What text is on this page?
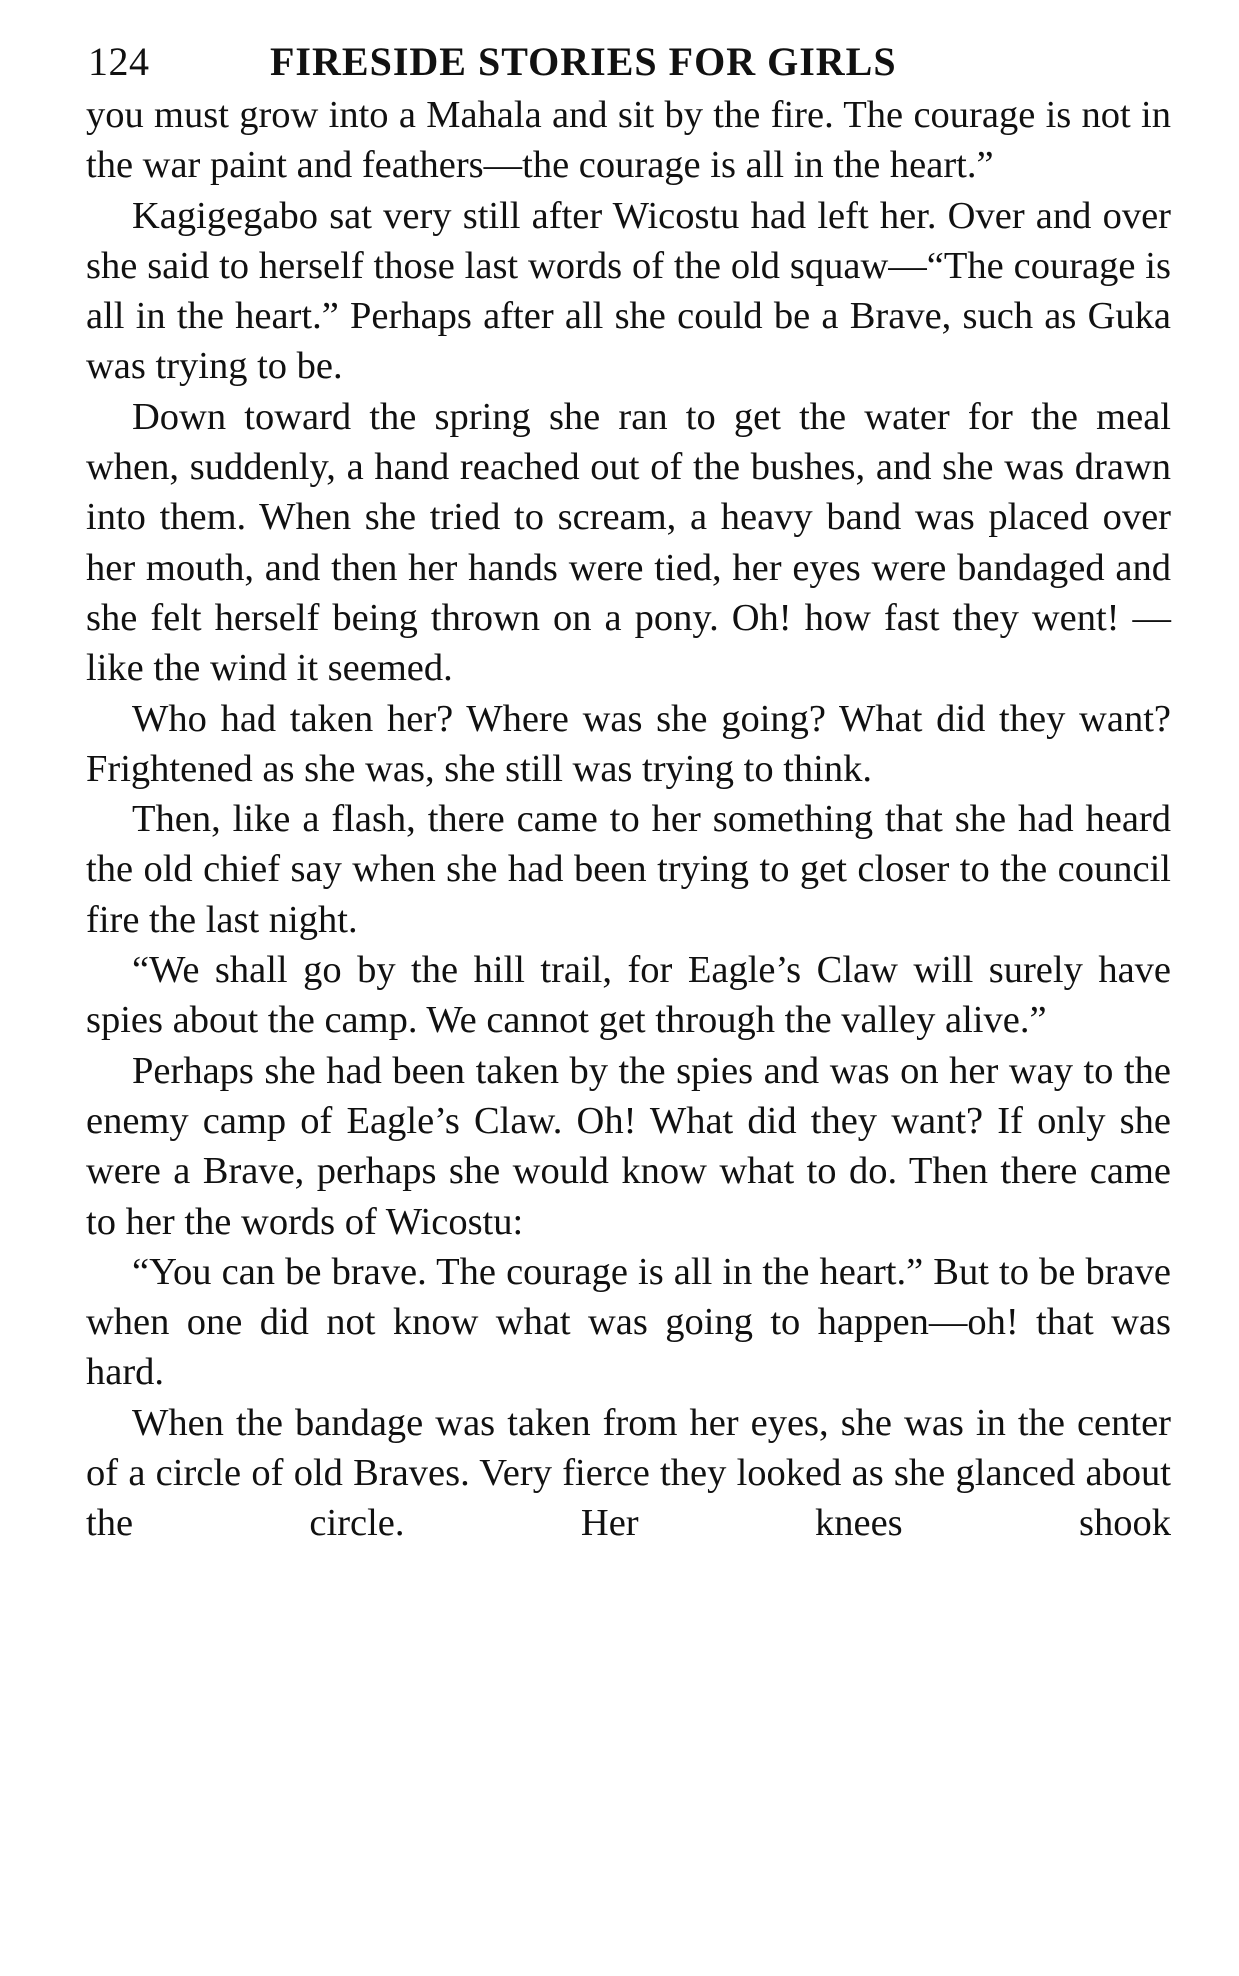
124	FIRESIDE STORIES FOR GIRLS

you must grow into a Mahala and sit by the fire. The courage is not in the war paint and feathers—the courage is all in the heart.”

Kagigegabo sat very still after Wicostu had left her. Over and over she said to herself those last words of the old squaw—“The courage is all in the heart.” Perhaps after all she could be a Brave, such as Guka was trying to be.

Down toward the spring she ran to get the water for the meal when, suddenly, a hand reached out of the bushes, and she was drawn into them. When she tried to scream, a heavy band was placed over her mouth, and then her hands were tied, her eyes were bandaged and she felt herself being thrown on a pony. Oh! how fast they went! —like the wind it seemed.

Who had taken her? Where was she going? What did they want? Frightened as she was, she still was trying to think.

Then, like a flash, there came to her something that she had heard the old chief say when she had been trying to get closer to the council fire the last night.

“We shall go by the hill trail, for Eagle’s Claw will surely have spies about the camp. We cannot get through the valley alive.”

Perhaps she had been taken by the spies and was on her way to the enemy camp of Eagle’s Claw. Oh! What did they want? If only she were a Brave, perhaps she would know what to do. Then there came to her the words of Wicostu:

“You can be brave. The courage is all in the heart.” But to be brave when one did not know what was going to happen—oh! that was hard.

When the bandage was taken from her eyes, she was in the center of a circle of old Braves. Very fierce they looked as she glanced about the circle. Her knees shook
